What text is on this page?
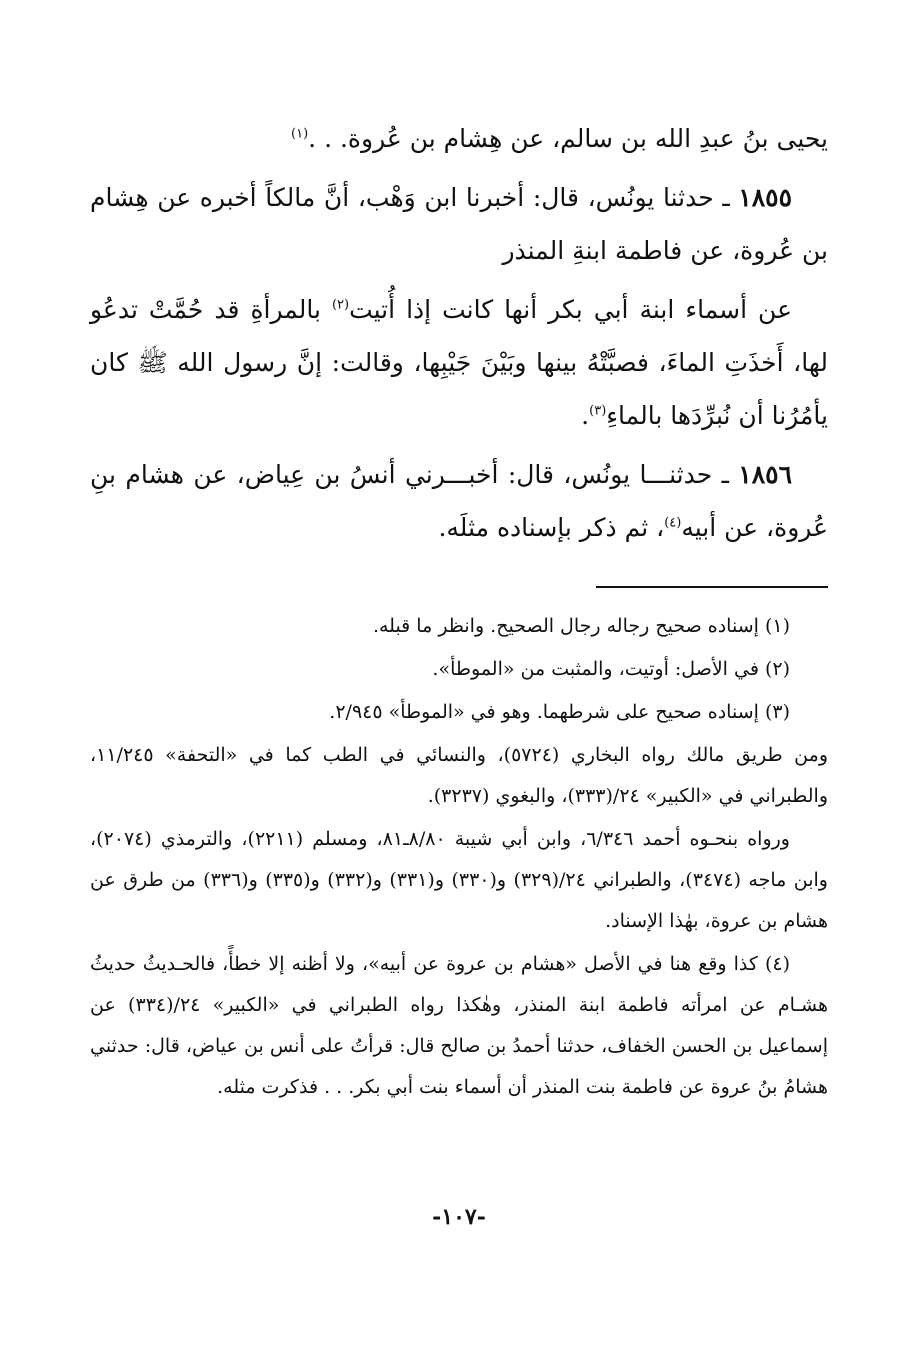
يحيى بنُ عبدِ الله بن سالم، عن هِشام بن عُروة. . .$^{(١)}$

١٨٥٥ ـ حدثنا يونُس، قال: أخبرنا ابن وَهْب، أنَّ مالكاً أخبره عن هِشام بن عُروة، عن فاطمة ابنةِ المنذر

عن أسماء ابنة أبي بكر أنها كانت إذا أُتيت$^{(٢)}$ بالمرأةِ قد حُمَّتْ تدعُو لها، أَخذَتِ الماءَ، فصبَّتْهُ بينها وبَيْنَ جَيْبِها، وقالت: إنَّ رسول الله ﷺ كان يأمُرُنا أن نُبرِّدَها بالماءِ$^{(٣)}$.

١٨٥٦ ـ حدثنـــا يونُس، قال: أخبـــرني أنسُ بن عِياض، عن هشام بنِ عُروة، عن أبيه$^{(٤)}$، ثم ذكر بإسناده مثلَه.

(١) إسناده صحيح رجاله رجال الصحيح. وانظر ما قبله.

(٢) في الأصل: أوتيت، والمثبت من «الموطأ».

(٣) إسناده صحيح على شرطهما. وهو في «الموطأ» ٢/٩٤٥.

ومن طريق مالك رواه البخاري (٥٧٢٤)، والنسائي في الطب كما في «التحفة» ١١/٢٤٥، والطبراني في «الكبير» ٢٤/(٣٣٣)، والبغوي (٣٢٣٧).

ورواه بنحـوه أحمد ٦/٣٤٦، وابن أبي شيبة ٨/٨٠ـ٨١، ومسلم (٢٢١١)، والترمذي (٢٠٧٤)، وابن ماجه (٣٤٧٤)، والطبراني ٢٤/(٣٢٩) و(٣٣٠) و(٣٣١) و(٣٣٢) و(٣٣٥) و(٣٣٦) من طرق عن هشام بن عروة، بهٰذا الإسناد.

(٤) كذا وقع هنا في الأصل «هشام بن عروة عن أبيه»، ولا أظنه إلا خطأً، فالحـديثُ حديثُ هشـام عن امرأته فاطمة ابنة المنذر، وهٰكذا رواه الطبراني في «الكبير» ٢٤/(٣٣٤) عن إسماعيل بن الحسن الخفاف، حدثنا أحمدُ بن صالح قال: قرأتُ على أنس بن عياض، قال: حدثني هشامُ بنُ عروة عن فاطمة بنت المنذر أن أسماء بنت أبي بكر. . . فذكرت مثله.

-١٠٧-
